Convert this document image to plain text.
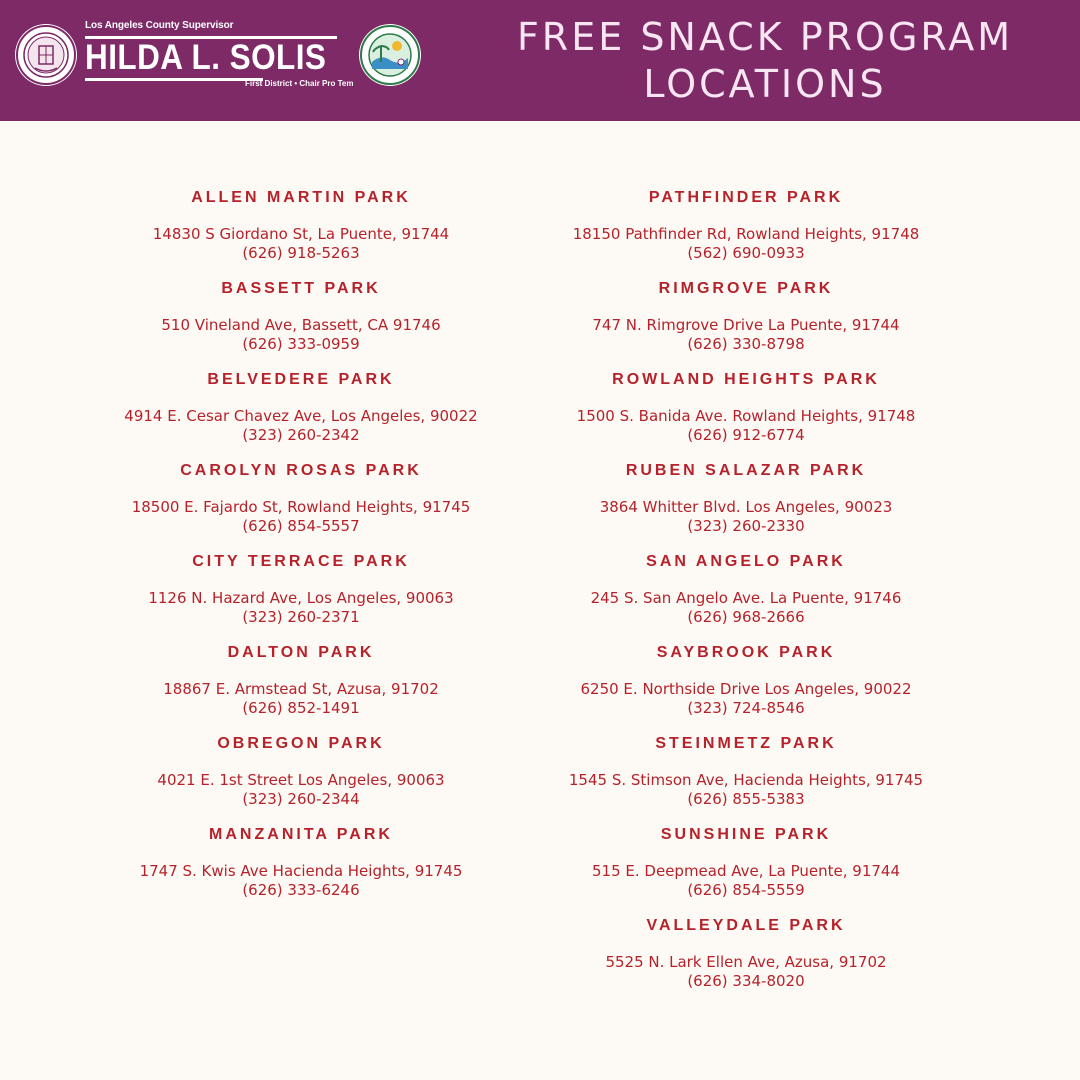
Los Angeles County Supervisor
HILDA L. SOLIS
First District • Chair Pro Tem
FREE SNACK PROGRAM
LOCATIONS
ALLEN MARTIN PARK
14830 S Giordano St, La Puente, 91744
(626) 918-5263
BASSETT PARK
510 Vineland Ave, Bassett, CA 91746
(626) 333-0959
BELVEDERE PARK
4914 E. Cesar Chavez Ave, Los Angeles, 90022
(323) 260-2342
CAROLYN ROSAS PARK
18500 E. Fajardo St, Rowland Heights, 91745
(626) 854-5557
CITY TERRACE PARK
1126 N. Hazard Ave, Los Angeles, 90063
(323) 260-2371
DALTON PARK
18867 E. Armstead St, Azusa, 91702
(626) 852-1491
OBREGON PARK
4021 E. 1st Street Los Angeles, 90063
(323) 260-2344
MANZANITA PARK
1747 S. Kwis Ave Hacienda Heights, 91745
(626) 333-6246
PATHFINDER PARK
18150 Pathfinder Rd, Rowland Heights, 91748
(562) 690-0933
RIMGROVE PARK
747 N. Rimgrove Drive La Puente, 91744
(626) 330-8798
ROWLAND HEIGHTS PARK
1500 S. Banida Ave. Rowland Heights, 91748
(626) 912-6774
RUBEN SALAZAR PARK
3864 Whitter Blvd. Los Angeles, 90023
(323) 260-2330
SAN ANGELO PARK
245 S. San Angelo Ave. La Puente, 91746
(626) 968-2666
SAYBROOK PARK
6250 E. Northside Drive Los Angeles, 90022
(323) 724-8546
STEINMETZ PARK
1545 S. Stimson Ave, Hacienda Heights, 91745
(626) 855-5383
SUNSHINE PARK
515 E. Deepmead Ave, La Puente, 91744
(626) 854-5559
VALLEYDALE PARK
5525 N. Lark Ellen Ave, Azusa, 91702
(626) 334-8020
